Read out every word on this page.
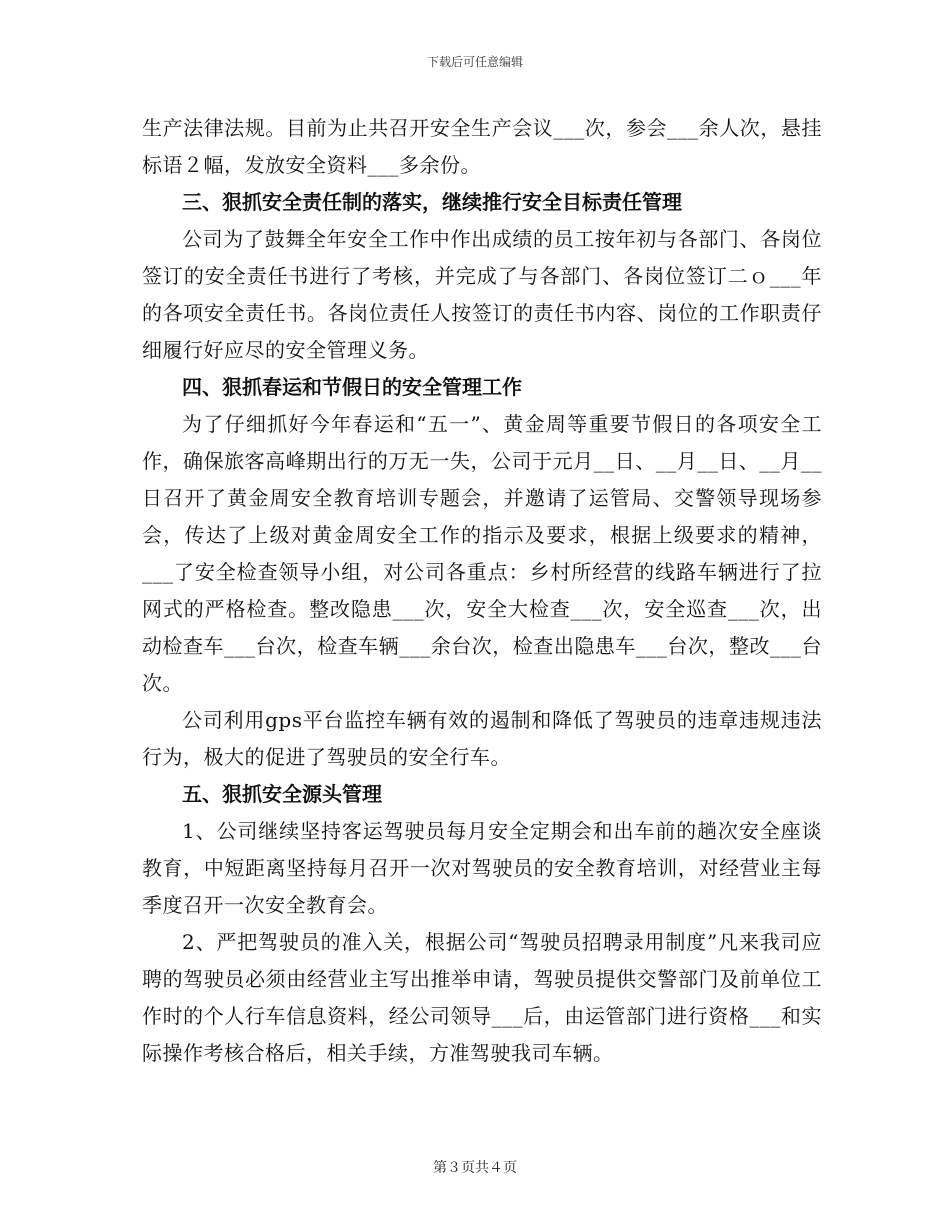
下载后可任意编辑

生产法律法规。目前为止共召开安全生产会议___次，参会___余人次，悬挂标语２幅，发放安全资料___多余份。

三、狠抓安全责任制的落实，继续推行安全目标责任管理

公司为了鼓舞全年安全工作中作出成绩的员工按年初与各部门、各岗位签订的安全责任书进行了考核，并完成了与各部门、各岗位签订二ｏ___年的各项安全责任书。各岗位责任人按签订的责任书内容、岗位的工作职责仔细履行好应尽的安全管理义务。

四、狠抓春运和节假日的安全管理工作

为了仔细抓好今年春运和“五一”、黄金周等重要节假日的各项安全工作，确保旅客高峰期出行的万无一失，公司于元月__日、__月__日、__月__日召开了黄金周安全教育培训专题会，并邀请了运管局、交警领导现场参会，传达了上级对黄金周安全工作的指示及要求，根据上级要求的精神，___了安全检查领导小组，对公司各重点：乡村所经营的线路车辆进行了拉网式的严格检查。整改隐患___次，安全大检查___次，安全巡查___次，出动检查车___台次，检查车辆___余台次，检查出隐患车___台次，整改___台次。

公司利用gps平台监控车辆有效的遏制和降低了驾驶员的违章违规违法行为，极大的促进了驾驶员的安全行车。

五、狠抓安全源头管理

1、公司继续坚持客运驾驶员每月安全定期会和出车前的趟次安全座谈教育，中短距离坚持每月召开一次对驾驶员的安全教育培训，对经营业主每季度召开一次安全教育会。

2、严把驾驶员的准入关，根据公司“驾驶员招聘录用制度”凡来我司应聘的驾驶员必须由经营业主写出推举申请，驾驶员提供交警部门及前单位工作时的个人行车信息资料，经公司领导___后，由运管部门进行资格___和实际操作考核合格后，相关手续，方准驾驶我司车辆。

第３页共４页
